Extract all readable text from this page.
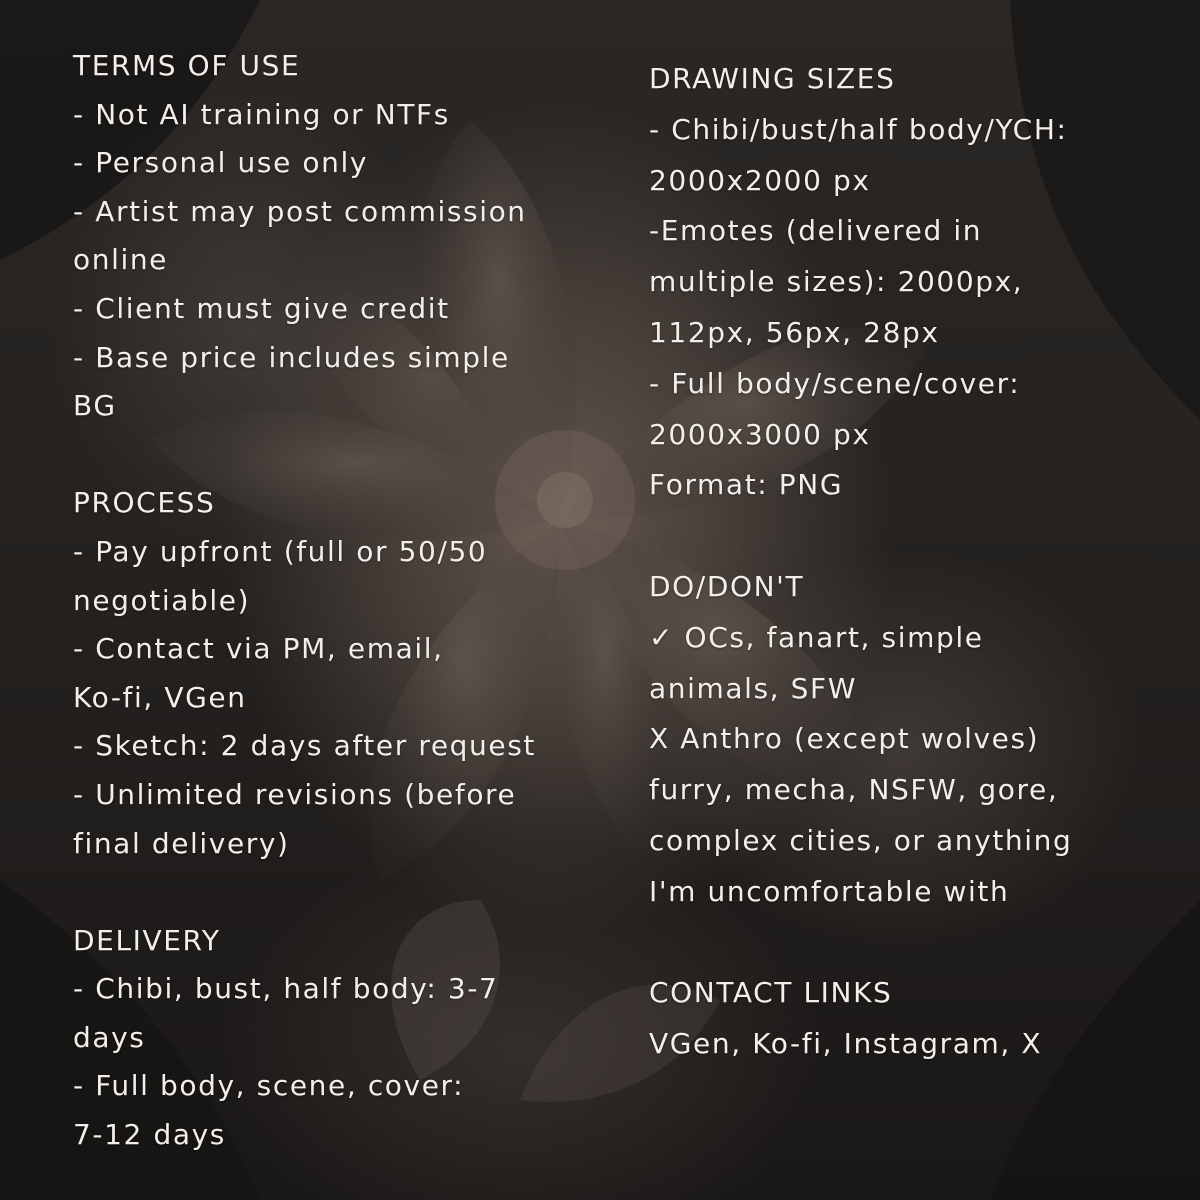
TERMS OF USE
- Not AI training or NTFs
- Personal use only
- Artist may post commission
online
- Client must give credit
- Base price includes simple
BG
PROCESS
- Pay upfront (full or 50/50
negotiable)
- Contact via PM, email,
Ko-fi, VGen
- Sketch: 2 days after request
- Unlimited revisions (before
final delivery)
DELIVERY
- Chibi, bust, half body: 3-7
days
- Full body, scene, cover:
7-12 days
DRAWING SIZES
- Chibi/bust/half body/YCH:
2000x2000 px
-Emotes (delivered in
multiple sizes): 2000px,
112px, 56px, 28px
- Full body/scene/cover:
2000x3000 px
Format: PNG
DO/DON'T
✓ OCs, fanart, simple
animals, SFW
X Anthro (except wolves)
furry, mecha, NSFW, gore,
complex cities, or anything
I'm uncomfortable with
CONTACT LINKS
VGen, Ko-fi, Instagram, X
